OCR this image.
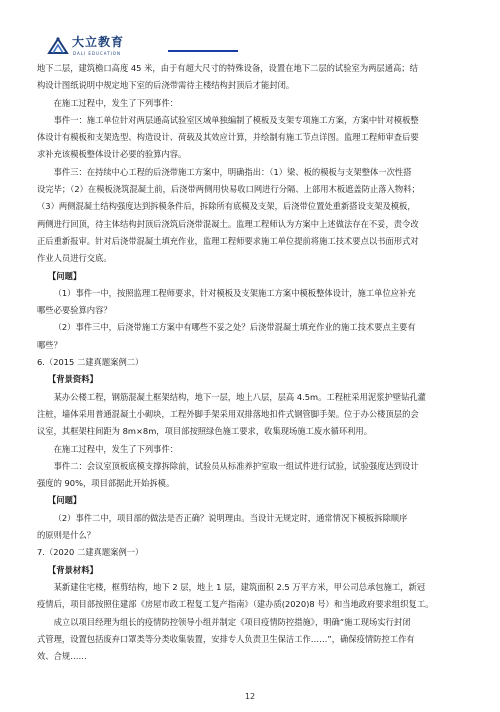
大立教育
DALI EDUCATION

地下二层，建筑檐口高度 45 米，由于有超大尺寸的特殊设备，设置在地下二层的试验室为两层通高；结

构设计图纸说明中规定地下室的后浇带需待主楼结构封顶后才能封闭。

在施工过程中，发生了下列事件：

事件一：施工单位针对两层通高试验室区域单独编制了模板及支架专项施工方案，方案中针对模板整

体设计有模板和支架选型、构造设计、荷载及其效应计算，并绘制有施工节点详图。监理工程师审查后要

求补充该模板整体设计必要的验算内容。

事件三：在持续中心工程的后浇带施工方案中，明确指出：（1）梁、板的模板与支架整体一次性搭

设完毕；（2）在模板浇筑混凝土前，后浇带两侧用快易收口网进行分隔、上部用木板遮盖防止落入物料；

（3）两侧混凝土结构强度达到拆模条件后，拆除所有底模及支架，后浇带位置处重新搭设支架及模板，

两侧进行回顶，待主体结构封顶后浇筑后浇带混凝土。监理工程师认为方案中上述做法存在不妥，责令改

正后重新报审。针对后浇带混凝土填充作业，监理工程师要求施工单位提前将施工技术要点以书面形式对

作业人员进行交底。

【问题】

（1）事件一中，按照监理工程师要求，针对模板及支架施工方案中模板整体设计，施工单位应补充

哪些必要验算内容？

（2）事件三中，后浇带施工方案中有哪些不妥之处？后浇带混凝土填充作业的施工技术要点主要有

哪些？

6.（2015 二建真题案例二）

【背景资料】

某办公楼工程，钢筋混凝土框架结构，地下一层，地上八层，层高 4.5m。工程桩采用泥浆护壁钻孔灌

注桩，墙体采用普通混凝土小砌块，工程外脚手架采用双排落地扣件式钢管脚手架。位于办公楼顶层的会

议室，其框架柱间距为 8m×8m，项目部按照绿色施工要求，收集现场施工废水循环利用。

在施工过程中，发生了下列事件：

事件二：会议室顶板底模支撑拆除前，试验员从标准养护室取一组试件进行试验，试验强度达到设计

强度的 90%，项目部据此开始拆模。

【问题】

（2）事件二中，项目部的做法是否正确？说明理由。当设计无规定时，通常情况下模板拆除顺序

的原则是什么？

7.（2020 二建真题案例一）

【背景材料】

某新建住宅楼，框剪结构，地下 2 层，地上 1 层，建筑面积 2.5 万平方米，甲公司总承包施工，新冠

疫情后，项目部按照住建部《房屋市政工程复工复产指南》（建办质(2020)8 号）和当地政府要求组织复工。

成立以项目经理为组长的疫情防控领导小组并制定《项目疫情防控措施》，明确“施工现场实行封闭

式管理，设置包括废弃口罩类等分类收集装置，安排专人负责卫生保洁工作……”，确保疫情防控工作有

效、合规……

12
